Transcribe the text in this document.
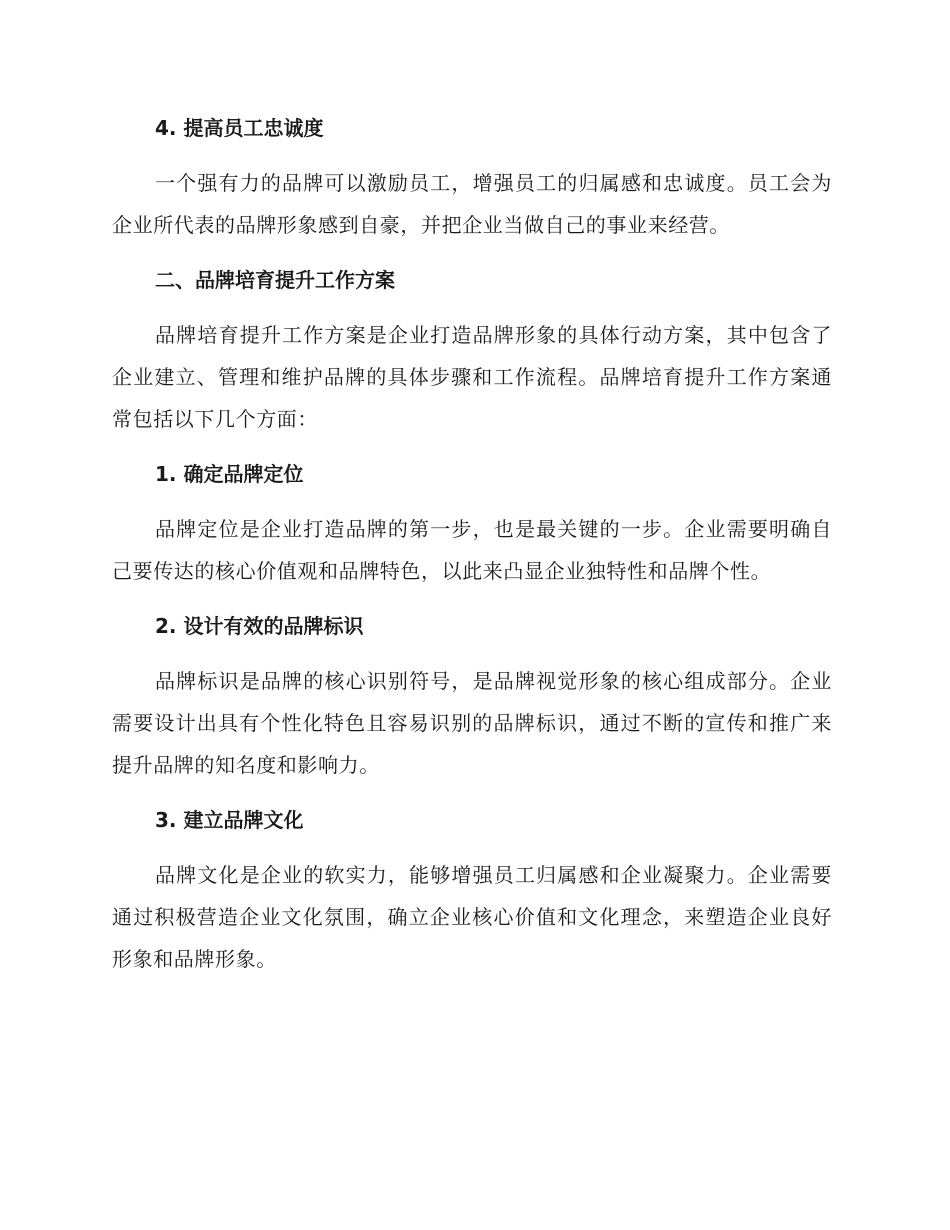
4. 提高员工忠诚度

一个强有力的品牌可以激励员工，增强员工的归属感和忠诚度。员工会为企业所代表的品牌形象感到自豪，并把企业当做自己的事业来经营。

二、品牌培育提升工作方案

品牌培育提升工作方案是企业打造品牌形象的具体行动方案，其中包含了企业建立、管理和维护品牌的具体步骤和工作流程。品牌培育提升工作方案通常包括以下几个方面：

1. 确定品牌定位

品牌定位是企业打造品牌的第一步，也是最关键的一步。企业需要明确自己要传达的核心价值观和品牌特色，以此来凸显企业独特性和品牌个性。

2. 设计有效的品牌标识

品牌标识是品牌的核心识别符号，是品牌视觉形象的核心组成部分。企业需要设计出具有个性化特色且容易识别的品牌标识，通过不断的宣传和推广来提升品牌的知名度和影响力。

3. 建立品牌文化

品牌文化是企业的软实力，能够增强员工归属感和企业凝聚力。企业需要通过积极营造企业文化氛围，确立企业核心价值和文化理念，来塑造企业良好形象和品牌形象。
